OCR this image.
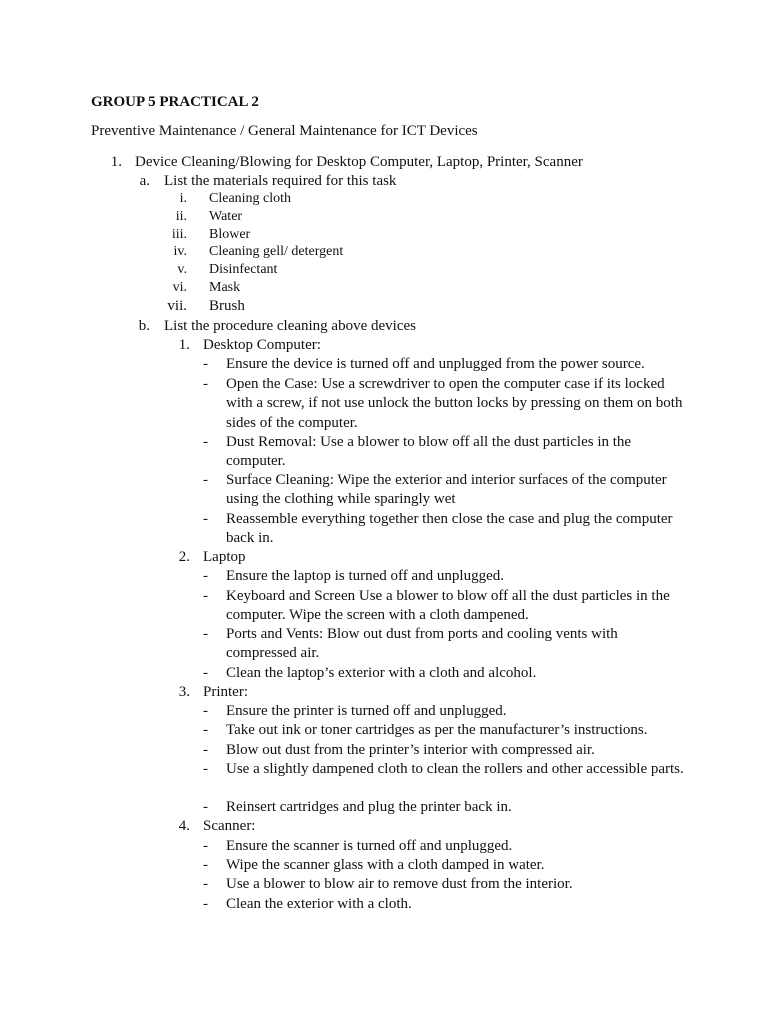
GROUP 5 PRACTICAL 2
Preventive Maintenance / General Maintenance for ICT Devices
1. Device Cleaning/Blowing for Desktop Computer, Laptop, Printer, Scanner
a. List the materials required for this task
i. Cleaning cloth
ii. Water
iii. Blower
iv. Cleaning gell/ detergent
v. Disinfectant
vi. Mask
vii. Brush
b. List the procedure cleaning above devices
1. Desktop Computer:
- Ensure the device is turned off and unplugged from the power source.
- Open the Case: Use a screwdriver to open the computer case if its locked with a screw, if not use unlock the button locks by pressing on them on both sides of the computer.
- Dust Removal: Use a blower to blow off all the dust particles in the computer.
- Surface Cleaning: Wipe the exterior and interior surfaces of the computer using the clothing while sparingly wet
- Reassemble everything together then close the case and plug the computer back in.
2. Laptop
- Ensure the laptop is turned off and unplugged.
- Keyboard and Screen Use a blower to blow off all the dust particles in the computer. Wipe the screen with a cloth dampened.
- Ports and Vents: Blow out dust from ports and cooling vents with compressed air.
- Clean the laptop’s exterior with a cloth and alcohol.
3. Printer:
- Ensure the printer is turned off and unplugged.
- Take out ink or toner cartridges as per the manufacturer’s instructions.
- Blow out dust from the printer’s interior with compressed air.
- Use a slightly dampened cloth to clean the rollers and other accessible parts.
- Reinsert cartridges and plug the printer back in.
4. Scanner:
- Ensure the scanner is turned off and unplugged.
- Wipe the scanner glass with a cloth damped in water.
- Use a blower to blow air to remove dust from the interior.
- Clean the exterior with a cloth.
